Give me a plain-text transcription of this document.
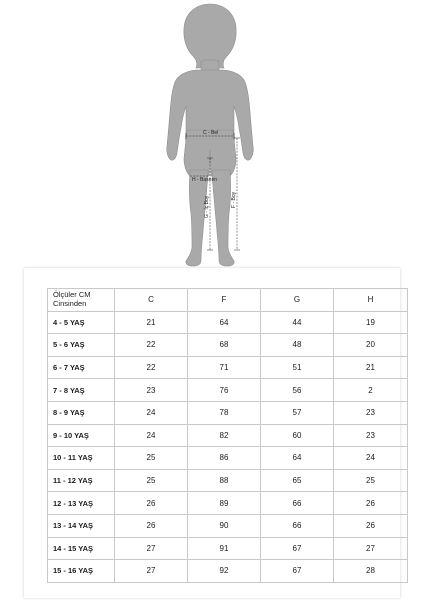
C - Bel
H - Baseen
G - İç Boy	F - Boy
Ölçüler CM
Cinsinden	C	F	G	H
4 - 5 YAŞ	21	64	44	19
5 - 6 YAŞ	22	68	48	20
6 - 7 YAŞ	22	71	51	21
7 - 8 YAŞ	23	76	56	2
8 - 9 YAŞ	24	78	57	23
9 - 10 YAŞ	24	82	60	23
10 - 11 YAŞ	25	86	64	24
11 - 12 YAŞ	25	88	65	25
12 - 13 YAŞ	26	89	66	26
13 - 14 YAŞ	26	90	66	26
14 - 15 YAŞ	27	91	67	27
15 - 16 YAŞ	27	92	67	28
